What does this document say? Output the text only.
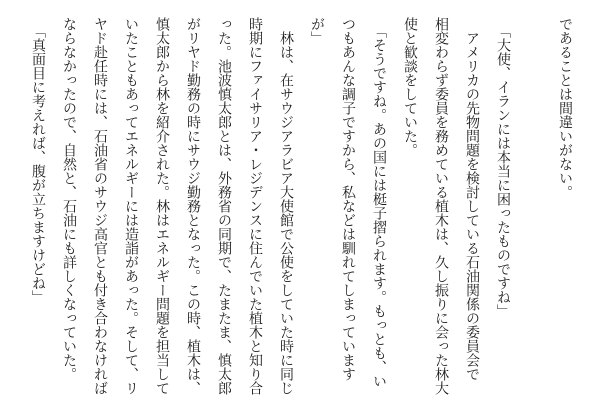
であることは間違いがない。
　「大使、イランには本当に困ったものですね」
　アメリカの先物問題を検討している石油関係の委員会で
相変わらず委員を務めている植木は、久し振りに会った林大
使と歓談をしていた。
　「そうですね。あの国には梃子摺られます。もっとも、い
つもあんな調子ですから、私などは馴れてしまっています
が」
　林は、在サウジアラビア大使館で公使をしていた時に同じ
時期にファイサリア・レジデンスに住んでいた植木と知り合
った。池波慎太郎とは、外務省の同期で、たまたま、慎太郎
がリヤド勤務の時にサウジ勤務となった。この時、植木は、
慎太郎から林を紹介された。林はエネルギー問題を担当して
いたこともあってエネルギーには造詣があった。そして、リ
ヤド赴任時には、石油省のサウジ高官とも付き合わなければ
ならなかったので、自然と、石油にも詳しくなっていた。
　「真面目に考えれば、腹が立ちますけどね」
